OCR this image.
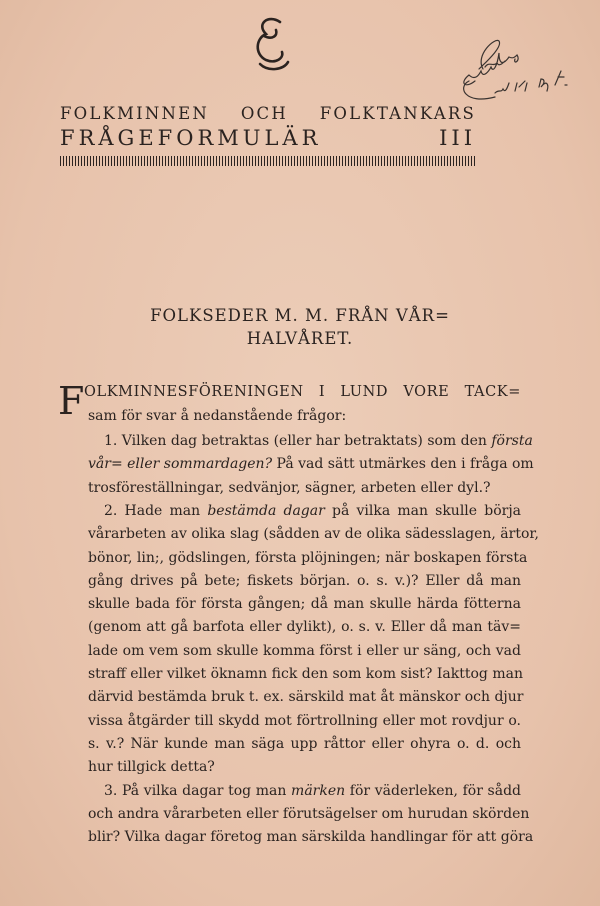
FOLKMINNEN OCH FOLKTANKARS
FRÅGEFORMULÄR III
FOLKSEDER M. M. FRÅN VÅR=
HALVÅRET.
F OLKMINNESFÖRENINGEN I LUND VORE TACK=
sam för svar å nedanstående frågor:
1. Vilken dag betraktas (eller har betraktats) som den första
vår= eller sommardagen? På vad sätt utmärkes den i fråga om
trosföreställningar, sedvänjor, sägner, arbeten eller dyl.?
2. Hade man bestämda dagar på vilka man skulle börja
vårarbeten av olika slag (sådden av de olika sädesslagen, ärtor,
bönor, lin;, gödslingen, första plöjningen; när boskapen första
gång drives på bete; fiskets början. o. s. v.)? Eller då man
skulle bada för första gången; då man skulle härda fötterna
(genom att gå barfota eller dylikt), o. s. v. Eller då man täv=
lade om vem som skulle komma först i eller ur säng, och vad
straff eller vilket öknamn fick den som kom sist? Iakttog man
därvid bestämda bruk t. ex. särskild mat åt mänskor och djur
vissa åtgärder till skydd mot förtrollning eller mot rovdjur o.
s. v.? När kunde man säga upp råttor eller ohyra o. d. och
hur tillgick detta?
3. På vilka dagar tog man märken för väderleken, för sådd
och andra vårarbeten eller förutsägelser om hurudan skörden
blir? Vilka dagar företog man särskilda handlingar för att göra
